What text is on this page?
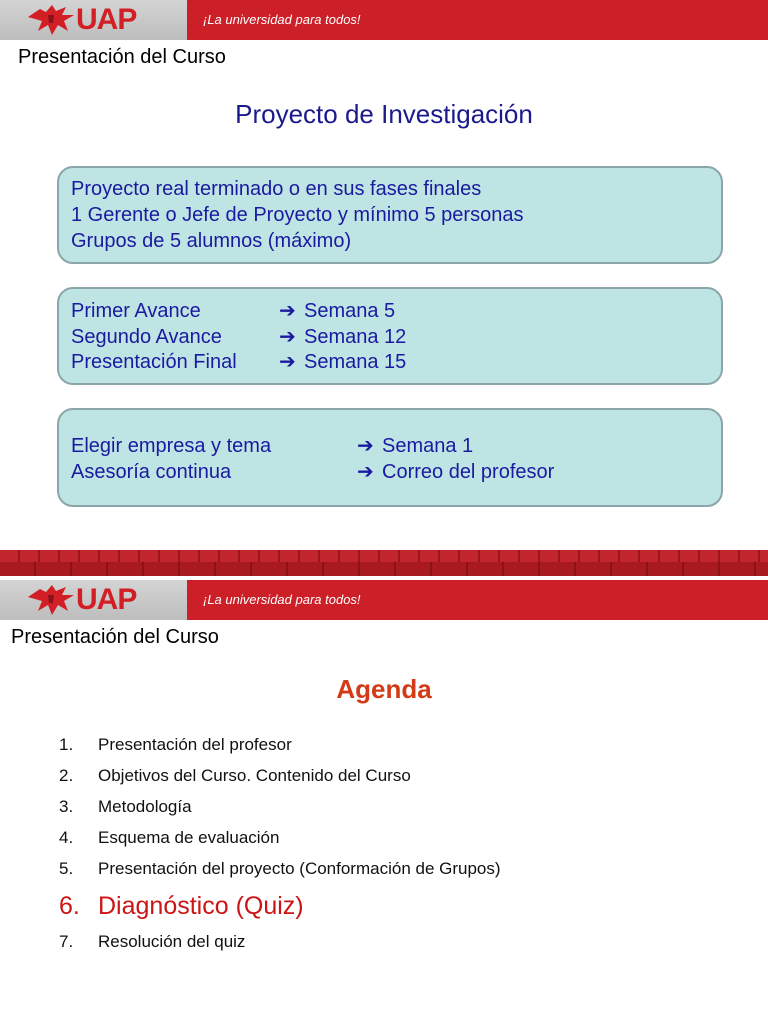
UAP	¡La universidad para todos!
Presentación del Curso
Proyecto de Investigación
Proyecto real terminado o en sus fases finales
1 Gerente o Jefe de Proyecto y mínimo 5 personas
Grupos de 5 alumnos (máximo)
Primer Avance	➔ Semana 5
Segundo Avance	➔ Semana 12
Presentación Final ➔ Semana 15
Elegir empresa y tema	➔ Semana 1
Asesoría continua	➔ Correo del profesor
UAP	¡La universidad para todos!
Presentación del Curso
Agenda
1. Presentación del profesor
2. Objetivos del Curso. Contenido del Curso
3. Metodología
4. Esquema de evaluación
5. Presentación del proyecto (Conformación de Grupos)
6. Diagnóstico (Quiz)
7. Resolución del quiz
